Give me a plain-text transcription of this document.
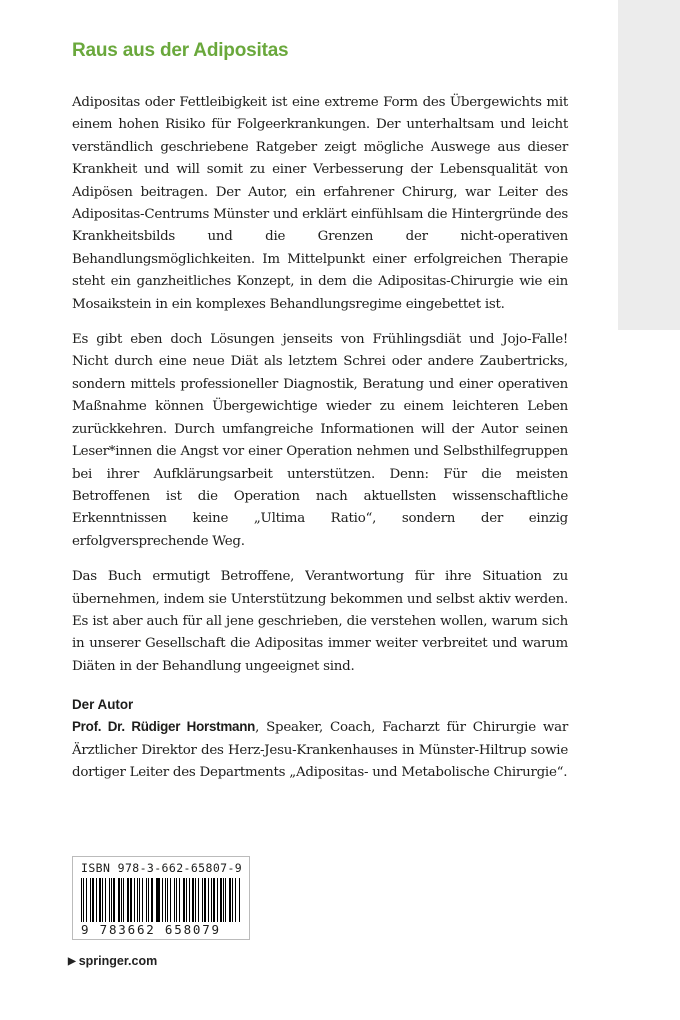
Raus aus der Adipositas

Adipositas oder Fettleibigkeit ist eine extreme Form des Übergewichts mit einem hohen Risiko für Folgeerkrankungen. Der unterhaltsam und leicht verständlich geschriebene Ratgeber zeigt mögliche Auswege aus dieser Krankheit und will somit zu einer Verbesserung der Lebensqualität von Adipösen beitragen. Der Autor, ein erfahrener Chirurg, war Leiter des Adipositas-Centrums Münster und erklärt einfühlsam die Hintergründe des Krankheitsbilds und die Grenzen der nicht-operativen Behandlungsmöglichkeiten. Im Mittelpunkt einer erfolgreichen Therapie steht ein ganzheitliches Konzept, in dem die Adipositas-Chirurgie wie ein Mosaikstein in ein komplexes Behandlungsregime eingebettet ist.

Es gibt eben doch Lösungen jenseits von Frühlingsdiät und Jojo-Falle! Nicht durch eine neue Diät als letztem Schrei oder andere Zaubertricks, sondern mittels professioneller Diagnostik, Beratung und einer operativen Maßnahme können Übergewichtige wieder zu einem leichteren Leben zurückkehren. Durch umfangreiche Informationen will der Autor seinen Leser*innen die Angst vor einer Operation nehmen und Selbsthilfegruppen bei ihrer Aufklärungsarbeit unterstützen. Denn: Für die meisten Betroffenen ist die Operation nach aktuellsten wissenschaftliche Erkenntnissen keine „Ultima Ratio“, sondern der einzig erfolgversprechende Weg.

Das Buch ermutigt Betroffene, Verantwortung für ihre Situation zu übernehmen, indem sie Unterstützung bekommen und selbst aktiv werden. Es ist aber auch für all jene geschrieben, die verstehen wollen, warum sich in unserer Gesellschaft die Adipositas immer weiter verbreitet und warum Diäten in der Behandlung ungeeignet sind.

Der Autor

Prof. Dr. Rüdiger Horstmann, Speaker, Coach, Facharzt für Chirurgie war Ärztlicher Direktor des Herz-Jesu-Krankenhauses in Münster-Hiltrup sowie dortiger Leiter des Departments „Adipositas- und Metabolische Chirurgie“.

ISBN 978-3-662-65807-9
9 783662 658079
▶ springer.com
